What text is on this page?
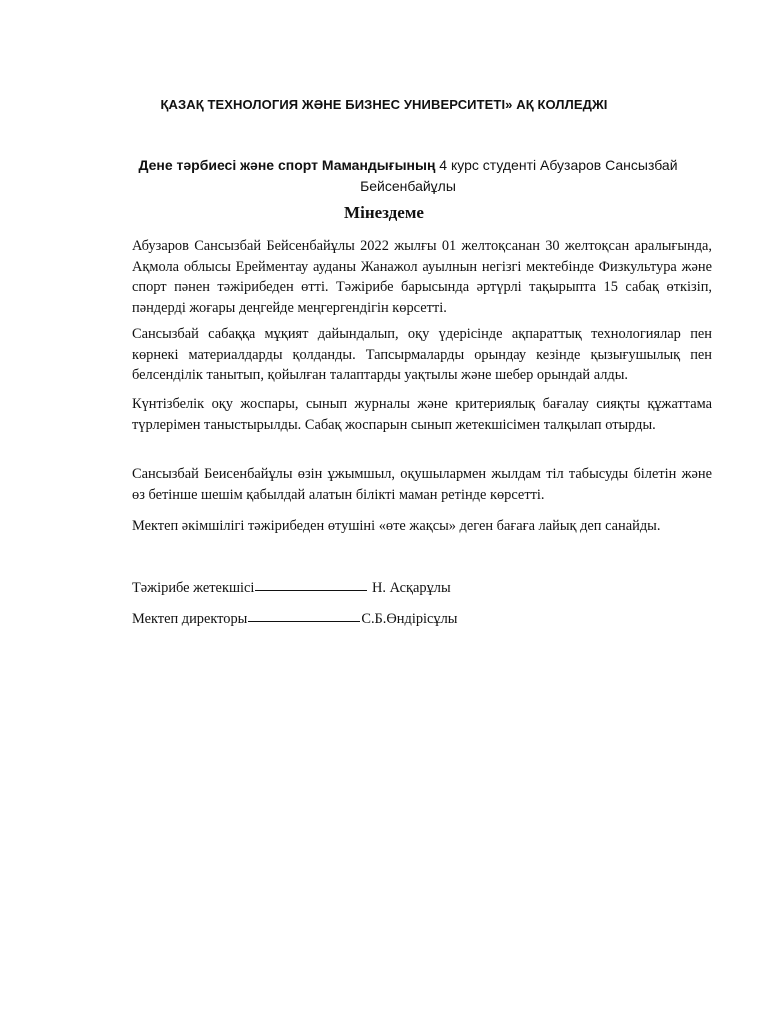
ҚАЗАҚ ТЕХНОЛОГИЯ ЖӘНЕ БИЗНЕС УНИВЕРСИТЕТІ» АҚ КОЛЛЕДЖІ
Дене тәрбиесі және спорт Мамандығының 4 курс студенті Абузаров Сансызбай Бейсенбайұлы
Мінездеме

Абузаров Сансызбай Бейсенбайұлы 2022 жылғы 01 желтоқсанан 30 желтоқсан аралығында, Ақмола облысы Ерейментау ауданы Жанажол ауылнын негізгі мектебінде Физкультура және спорт пәнен тәжірибеден өтті. Тәжірибе барысында әртүрлі тақырыпта 15 сабақ өткізіп, пәндерді жоғары деңгейде меңгергендігін көрсетті.

Сансызбай сабаққа мұқият дайындалып, оқу үдерісінде ақпараттық технологиялар пен көрнекі материалдарды қолданды. Тапсырмаларды орындау кезінде қызығушылық пен белсенділік танытып, қойылған талаптарды уақтылы және шебер орындай алды.

Күнтізбелік оқу жоспары, сынып журналы және критериялық бағалау сияқты құжаттама түрлерімен таныстырылды. Сабақ жоспарын сынып жетекшісімен талқылап отырды.

Сансызбай Беисенбайұлы өзін ұжымшыл, оқушылармен жылдам тіл табысуды білетін және өз бетінше шешім қабылдай алатын білікті маман ретінде көрсетті.

Мектеп әкімшілігі тәжірибеден өтушіні «өте жақсы» деген бағаға лайық деп санайды.

Тәжірибе жетекшісі	Н. Асқарұлы
Мектеп директоры	С.Б.Өндірісұлы
